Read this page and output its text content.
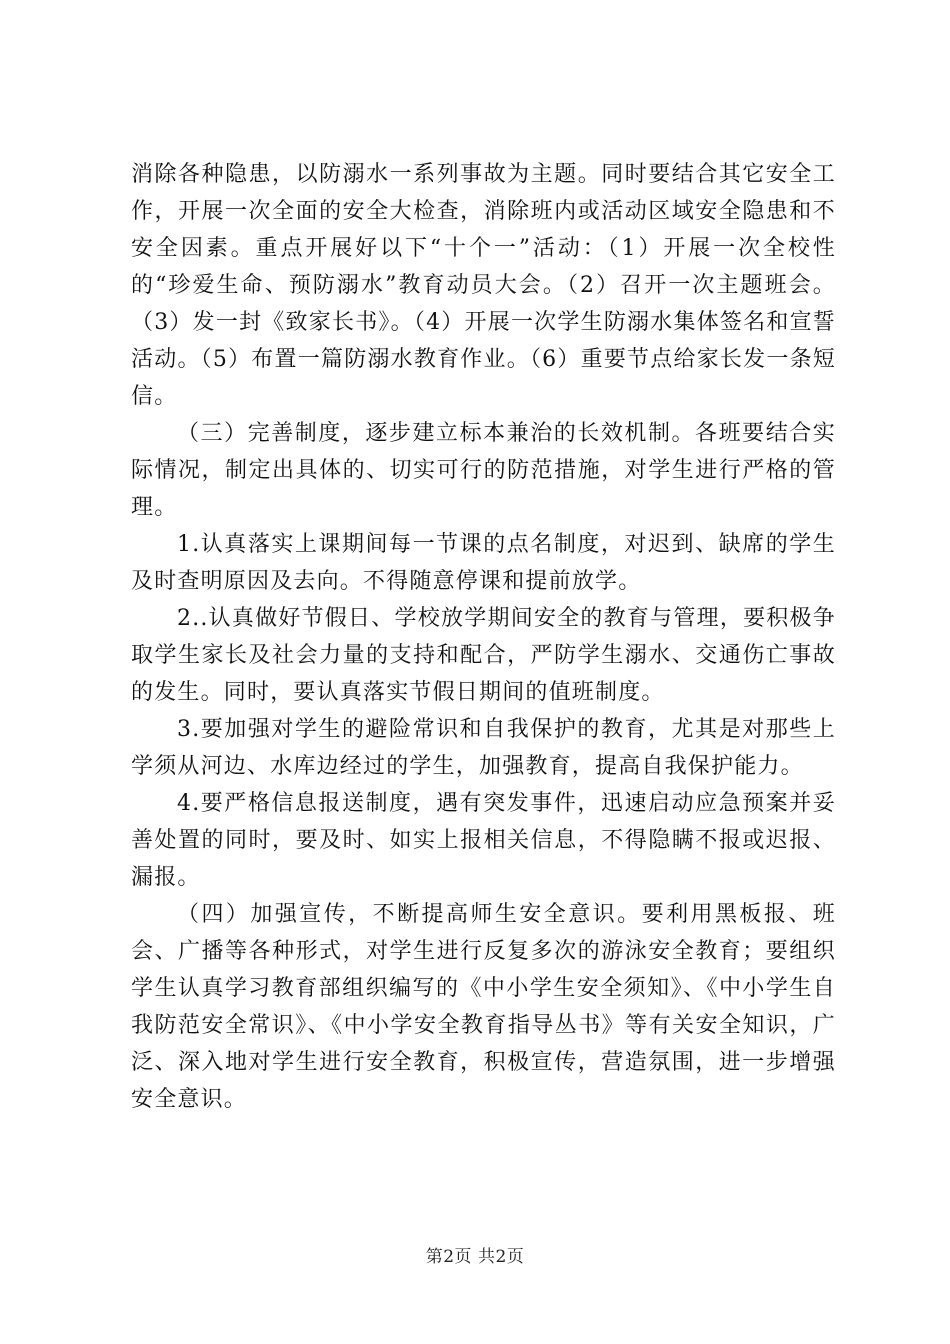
消除各种隐患，以防溺水一系列事故为主题。同时要结合其它安全工作，开展一次全面的安全大检查，消除班内或活动区域安全隐患和不安全因素。重点开展好以下“十个一”活动：（1）开展一次全校性的“珍爱生命、预防溺水”教育动员大会。（2）召开一次主题班会。（3）发一封《致家长书》。（4）开展一次学生防溺水集体签名和宣誓活动。（5）布置一篇防溺水教育作业。（6）重要节点给家长发一条短信。

（三）完善制度，逐步建立标本兼治的长效机制。各班要结合实际情况，制定出具体的、切实可行的防范措施，对学生进行严格的管理。

1.认真落实上课期间每一节课的点名制度，对迟到、缺席的学生及时查明原因及去向。不得随意停课和提前放学。

2..认真做好节假日、学校放学期间安全的教育与管理，要积极争取学生家长及社会力量的支持和配合，严防学生溺水、交通伤亡事故的发生。同时，要认真落实节假日期间的值班制度。

3.要加强对学生的避险常识和自我保护的教育，尤其是对那些上学须从河边、水库边经过的学生，加强教育，提高自我保护能力。

4.要严格信息报送制度，遇有突发事件，迅速启动应急预案并妥善处置的同时，要及时、如实上报相关信息，不得隐瞒不报或迟报、漏报。

（四）加强宣传，不断提高师生安全意识。要利用黑板报、班会、广播等各种形式，对学生进行反复多次的游泳安全教育；要组织学生认真学习教育部组织编写的《中小学生安全须知》、《中小学生自我防范安全常识》、《中小学安全教育指导丛书》等有关安全知识，广泛、深入地对学生进行安全教育，积极宣传，营造氛围，进一步增强安全意识。

第2页 共2页
